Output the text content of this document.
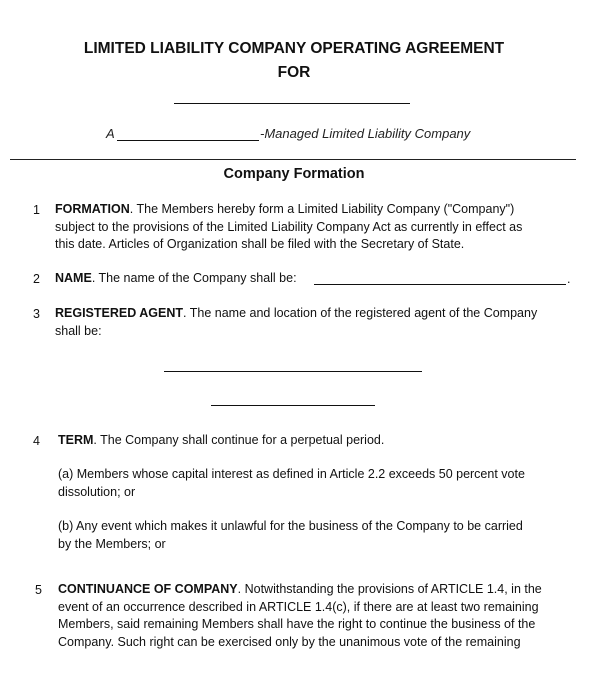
LIMITED LIABILITY COMPANY OPERATING AGREEMENT
FOR
A	-Managed Limited Liability Company
Company Formation
1 FORMATION. The Members hereby form a Limited Liability Company ("Company")
subject to the provisions of the Limited Liability Company Act as currently in effect as
this date. Articles of Organization shall be filed with the Secretary of State.
2 NAME. The name of the Company shall be:	.
3 REGISTERED AGENT. The name and location of the registered agent of the Company
shall be:
4 TERM. The Company shall continue for a perpetual period.
(a) Members whose capital interest as defined in Article 2.2 exceeds 50 percent vote
dissolution; or
(b) Any event which makes it unlawful for the business of the Company to be carried
by the Members; or
5 CONTINUANCE OF COMPANY. Notwithstanding the provisions of ARTICLE 1.4, in the
event of an occurrence described in ARTICLE 1.4(c), if there are at least two remaining
Members, said remaining Members shall have the right to continue the business of the
Company. Such right can be exercised only by the unanimous vote of the remaining
